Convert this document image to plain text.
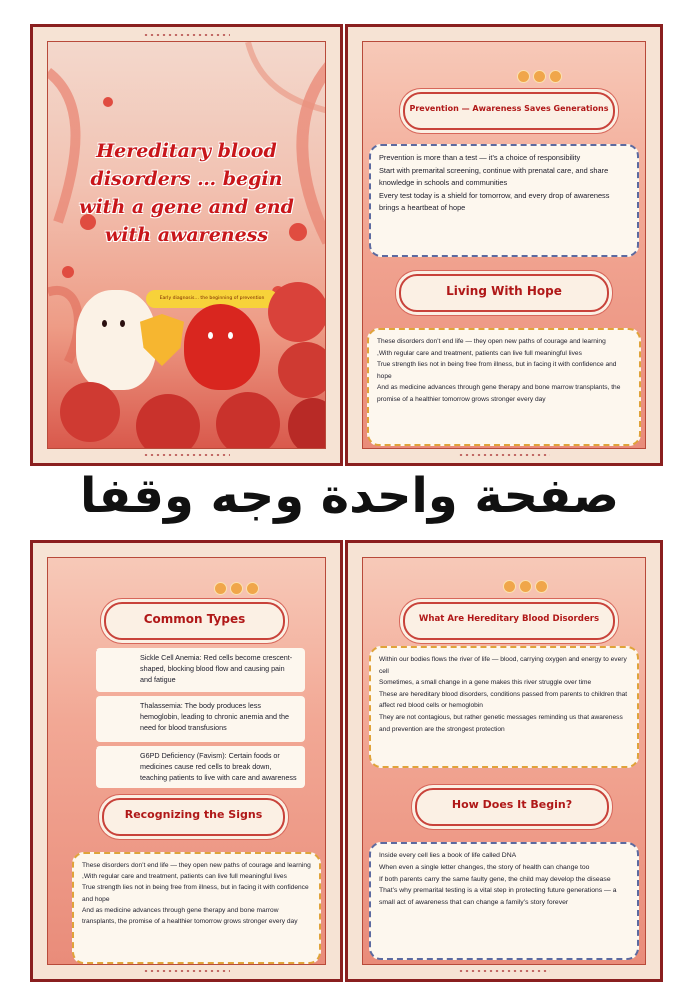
Hereditary blood
disorders … begin
with a gene and end
with awareness
Early diagnosis… the beginning of prevention
Prevention — Awareness Saves Generations

Prevention is more than a test — it’s a choice of responsibility

Start with premarital screening, continue with prenatal care, and share knowledge in schools and communities

Every test today is a shield for tomorrow, and every drop of awareness brings a heartbeat of hope

Living With Hope

These disorders don’t end life — they open new paths of courage and learning

,With regular care and treatment, patients can live full meaningful lives

True strength lies not in being free from illness, but in facing it with confidence and hope

And as medicine advances through gene therapy and bone marrow transplants, the promise of a healthier tomorrow grows stronger every day

صفحة واحدة وجه وقفا
Common Types
Sickle Cell Anemia: Red cells become crescent-shaped, blocking blood flow and causing pain and fatigue
Thalassemia: The body produces less hemoglobin, leading to chronic anemia and the need for blood transfusions
G6PD Deficiency (Favism): Certain foods or medicines cause red cells to break down, teaching patients to live with care and awareness
Recognizing the Signs

These disorders don’t end life — they open new paths of courage and learning

,With regular care and treatment, patients can live full meaningful lives

True strength lies not in being free from illness, but in facing it with confidence and hope

And as medicine advances through gene therapy and bone marrow transplants, the promise of a healthier tomorrow grows stronger every day

What Are Hereditary Blood Disorders

Within our bodies flows the river of life — blood, carrying oxygen and energy to every cell

Sometimes, a small change in a gene makes this river struggle over time

These are hereditary blood disorders, conditions passed from parents to children that affect red blood cells or hemoglobin

They are not contagious, but rather genetic messages reminding us that awareness and prevention are the strongest protection

How Does It Begin?

Inside every cell lies a book of life called DNA

When even a single letter changes, the story of health can change too

If both parents carry the same faulty gene, the child may develop the disease

That’s why premarital testing is a vital step in protecting future generations — a small act of awareness that can change a family’s story forever
